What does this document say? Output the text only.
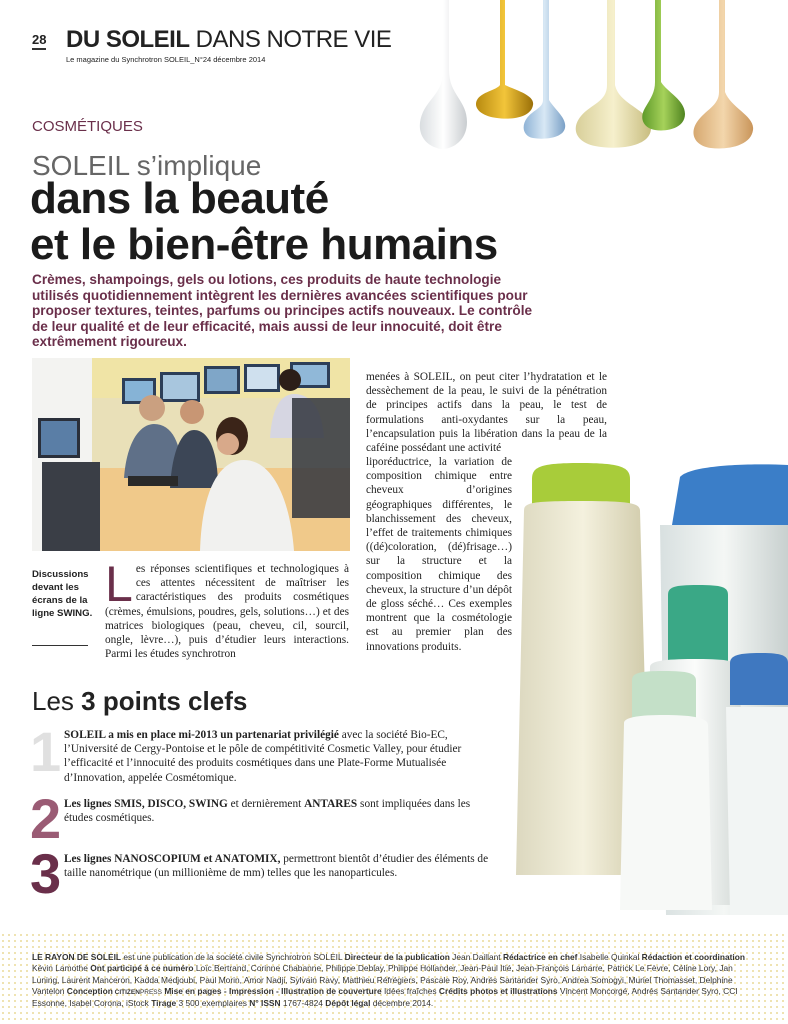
28 DU SOLEIL DANS NOTRE VIE
Le magazine du Synchrotron SOLEIL_N°24 décembre 2014
COSMÉTIQUES
SOLEIL s’implique
dans la beauté
et le bien-être humains
Crèmes, shampoings, gels ou lotions, ces produits de haute technologie utilisés quotidiennement intègrent les dernières avancées scientifiques pour proposer textures, teintes, parfums ou principes actifs nouveaux. Le contrôle de leur qualité et de leur efficacité, mais aussi de leur innocuité, doit être extrêmement rigoureux.
Discussions devant les écrans de la ligne SWING.
Les réponses scientifiques et technologiques à ces attentes nécessitent de maîtriser les caractéristiques des produits cosmétiques (crèmes, émulsions, poudres, gels, solutions…) et des matrices biologiques (peau, cheveu, cil, sourcil, ongle, lèvre…), puis d’étudier leurs interactions. Parmi les études synchrotron
menées à SOLEIL, on peut citer l’hydratation et le dessèchement de la peau, le suivi de la pénétration de principes actifs dans la peau, le test de formulations anti-oxydantes sur la peau, l’encapsulation puis la libération dans la peau de la caféine possédant une activité
liporéductrice, la variation de composition chimique entre cheveux d’origines géographiques différentes, le blanchissement des cheveux, l’effet de traitements chimiques ((dé)coloration, (dé)frisage…) sur la structure et la composition chimique des cheveux, la structure d’un dépôt de gloss séché… Ces exemples montrent que la cosmétologie est au premier plan des innovations produits.
Les 3 points clefs
1 SOLEIL a mis en place mi-2013 un partenariat privilégié avec la société Bio-EC, l’Université de Cergy-Pontoise et le pôle de compétitivité Cosmetic Valley, pour étudier l’efficacité et l’innocuité des produits cosmétiques dans une Plate-Forme Mutualisée d’Innovation, appelée Cosmétomique.
2 Les lignes SMIS, DISCO, SWING et dernièrement ANTARES sont impliquées dans les études cosmétiques.
3 Les lignes NANOSCOPIUM et ANATOMIX, permettront bientôt d’étudier des éléments de taille nanométrique (un millionième de mm) telles que les nanoparticules.
LE RAYON DE SOLEIL est une publication de la société civile Synchrotron SOLEIL Directeur de la publication Jean Daillant Rédactrice en chef Isabelle Quinkal Rédaction et coordination Kévin Lamothe Ont participé à ce numéro Loïc Bertrand, Corinne Chabanne, Philippe Deblay, Philippe Hollander, Jean-Paul Itié, Jean-François Lamarre, Patrick Le Fèvre, Céline Lory, Jan Luning, Laurent Manceron, Kadda Medjoubi, Paul Morin, Amor Nadji, Sylvain Ravy, Matthieu Réfrégiers, Pascale Roy, Andrés Santander Syro, Andrea Somogyi, Muriel Thomasset, Delphine Vantelon Conception CITIZENPRESS Mise en pages - Impression - Illustration de couverture Idées fraîches Crédits photos et illustrations Vincent Moncorgé, Andrés Santander Syro, CCI Essonne, Isabel Corona, iStock Tirage 3 500 exemplaires N° ISSN 1767-4824 Dépôt légal décembre 2014.
